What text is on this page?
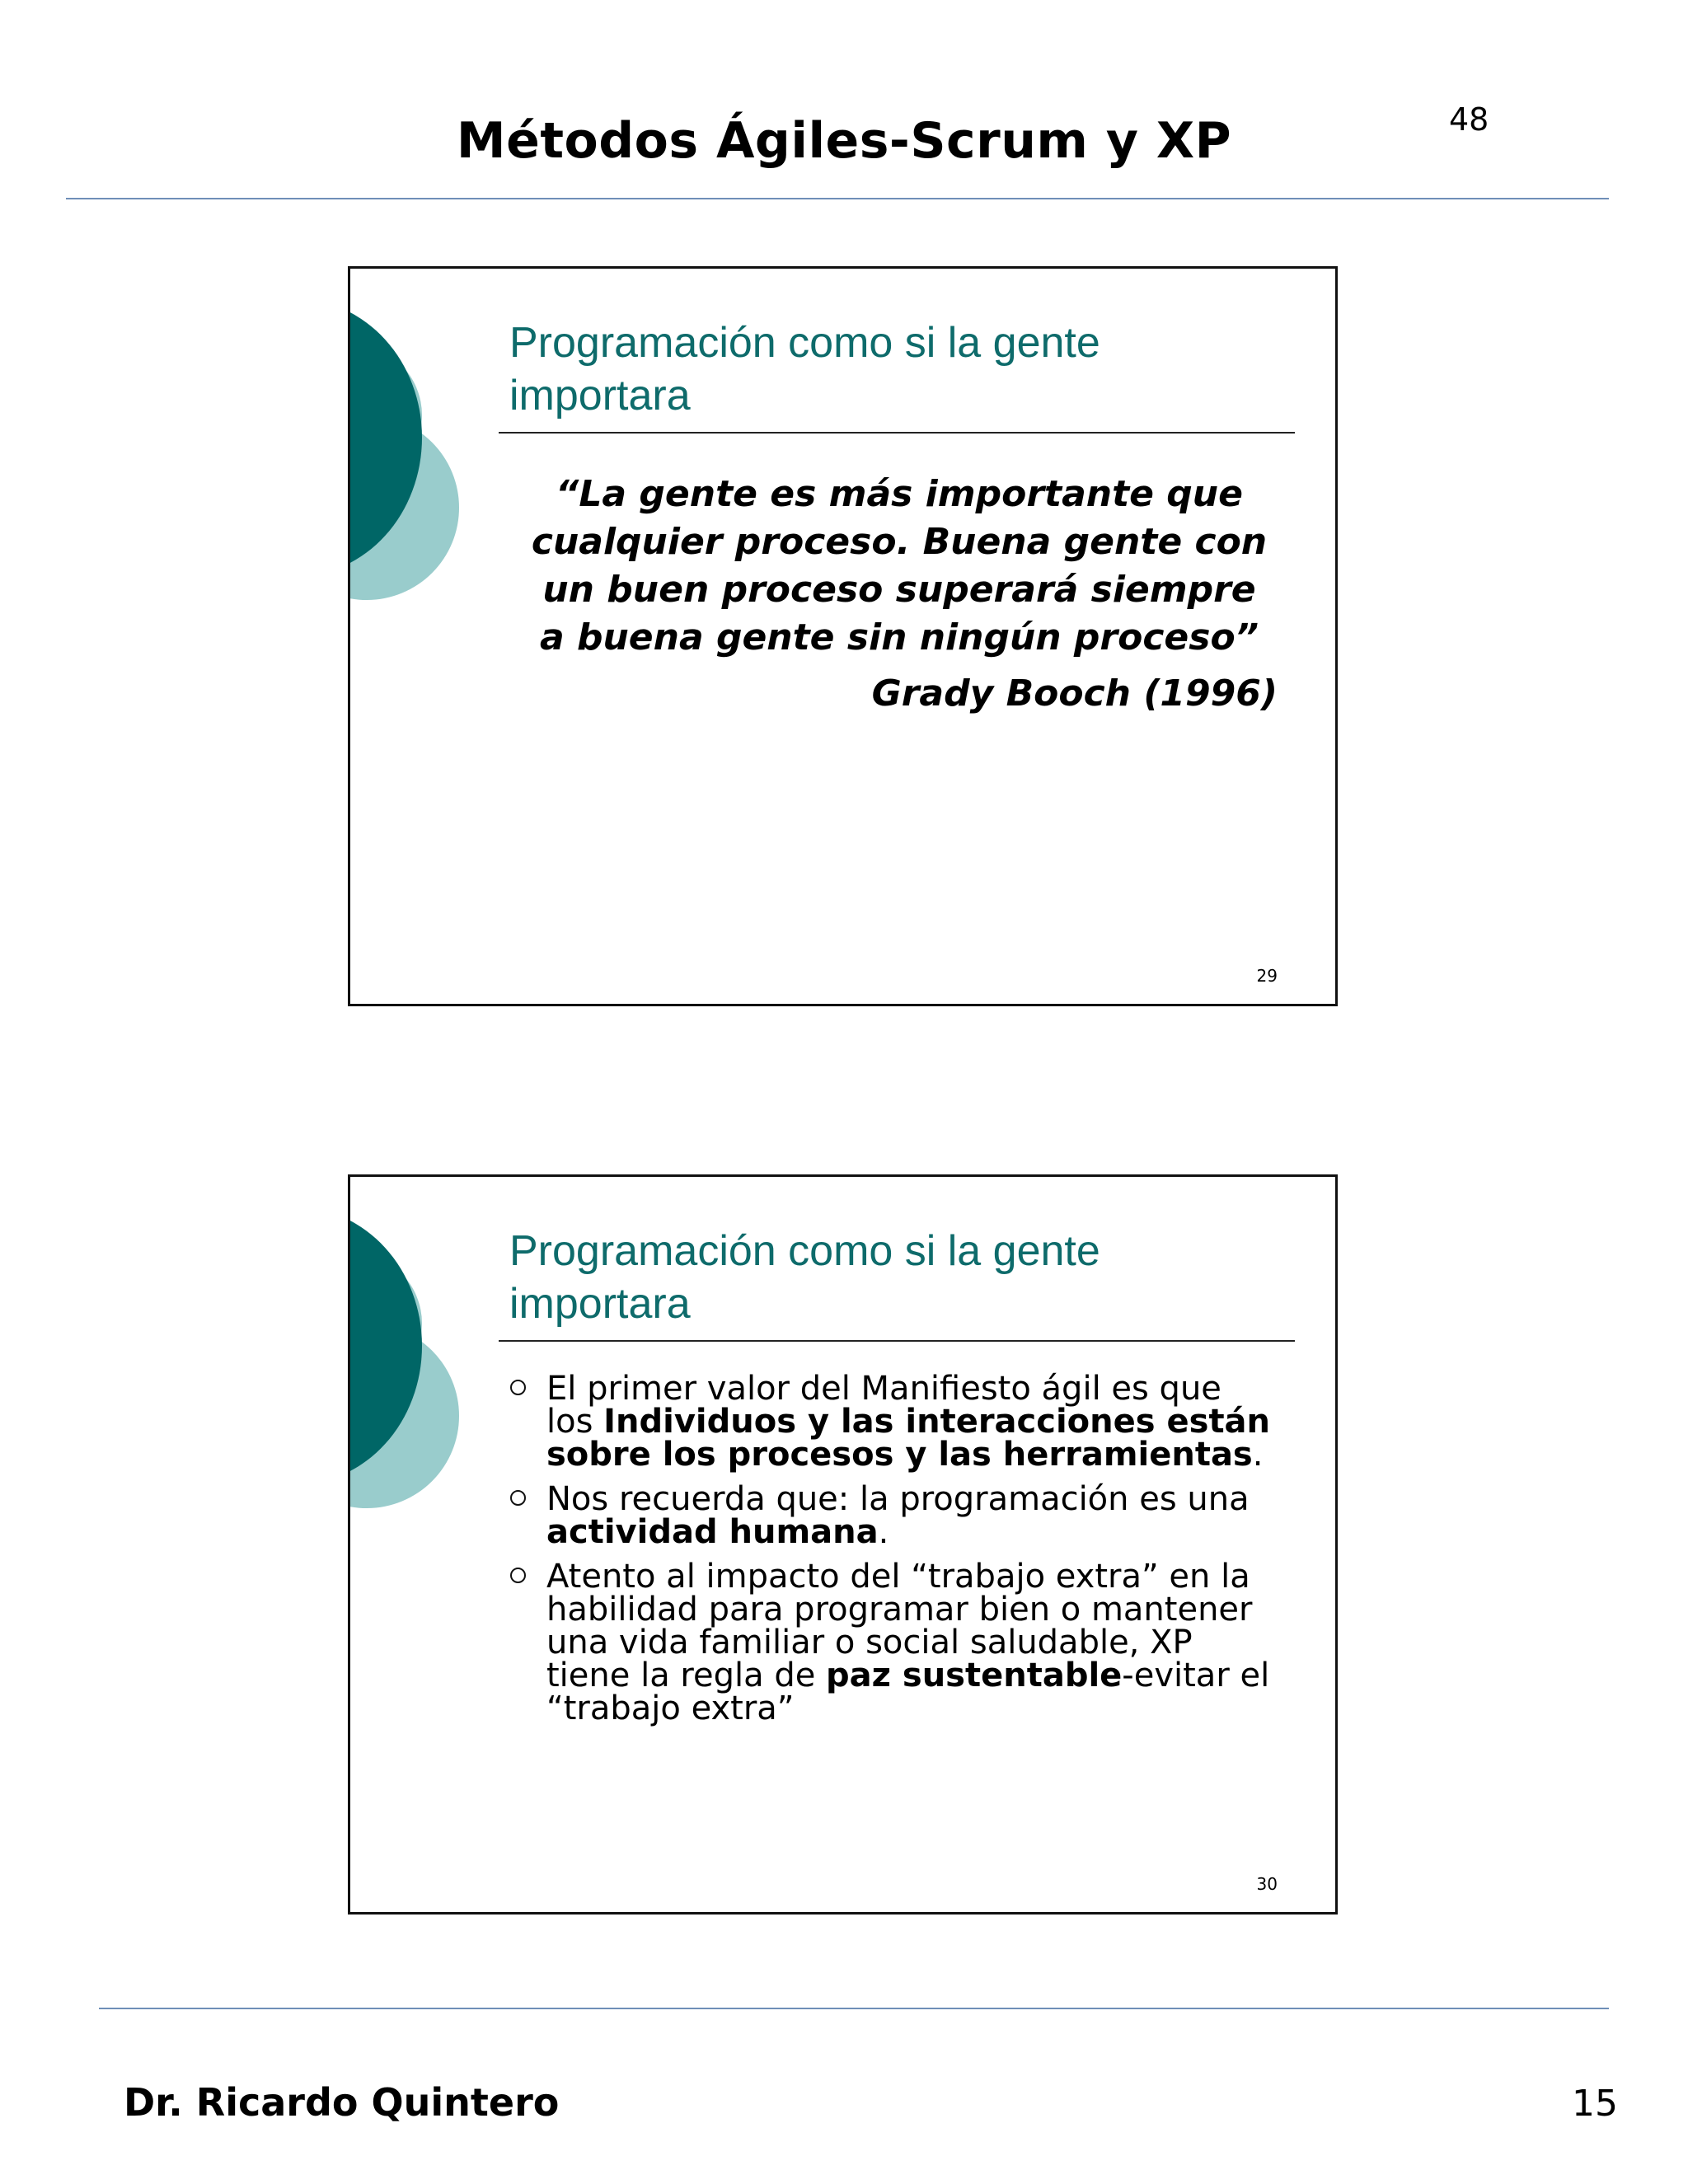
Métodos Ágiles-Scrum y XP	48
Programación como si la gente importara

“La gente es más importante que
cualquier proceso. Buena gente con
un buen proceso superará siempre
a buena gente sin ningún proceso”

Grady Booch (1996)

29
Programación como si la gente importara
El primer valor del Manifiesto ágil es que los Individuos y las interacciones están sobre los procesos y las herramientas.
Nos recuerda que: la programación es una actividad humana.
Atento al impacto del “trabajo extra” en la habilidad para programar bien o mantener una vida familiar o social saludable, XP tiene la regla de paz sustentable-evitar el “trabajo extra”
30

Dr. Ricardo Quintero	15
